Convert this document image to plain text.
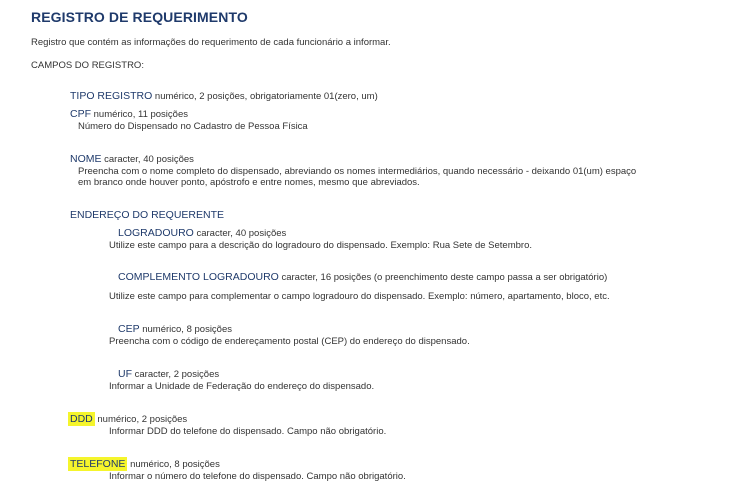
REGISTRO DE REQUERIMENTO
Registro que contém as informações do requerimento de cada funcionário a informar.
CAMPOS DO REGISTRO:
TIPO REGISTRO numérico, 2 posições, obrigatoriamente 01(zero, um)
CPF numérico, 11 posições
Número do Dispensado no Cadastro de Pessoa Física
NOME caracter, 40 posições
Preencha com o nome completo do dispensado, abreviando os nomes intermediários, quando necessário - deixando 01(um) espaço
em branco onde houver ponto, apóstrofo e entre nomes, mesmo que abreviados.
ENDEREÇO DO REQUERENTE
LOGRADOURO caracter, 40 posições
Utilize este campo para a descrição do logradouro do dispensado. Exemplo: Rua Sete de Setembro.
COMPLEMENTO LOGRADOURO caracter, 16 posições (o preenchimento deste campo passa a ser obrigatório)
Utilize este campo para complementar o campo logradouro do dispensado. Exemplo: número, apartamento, bloco, etc.
CEP numérico, 8 posições
Preencha com o código de endereçamento postal (CEP) do endereço do dispensado.
UF caracter, 2 posições
Informar a Unidade de Federação do endereço do dispensado.
DDD numérico, 2 posições
Informar DDD do telefone do dispensado. Campo não obrigatório.
TELEFONE numérico, 8 posições
Informar o número do telefone do dispensado. Campo não obrigatório.
